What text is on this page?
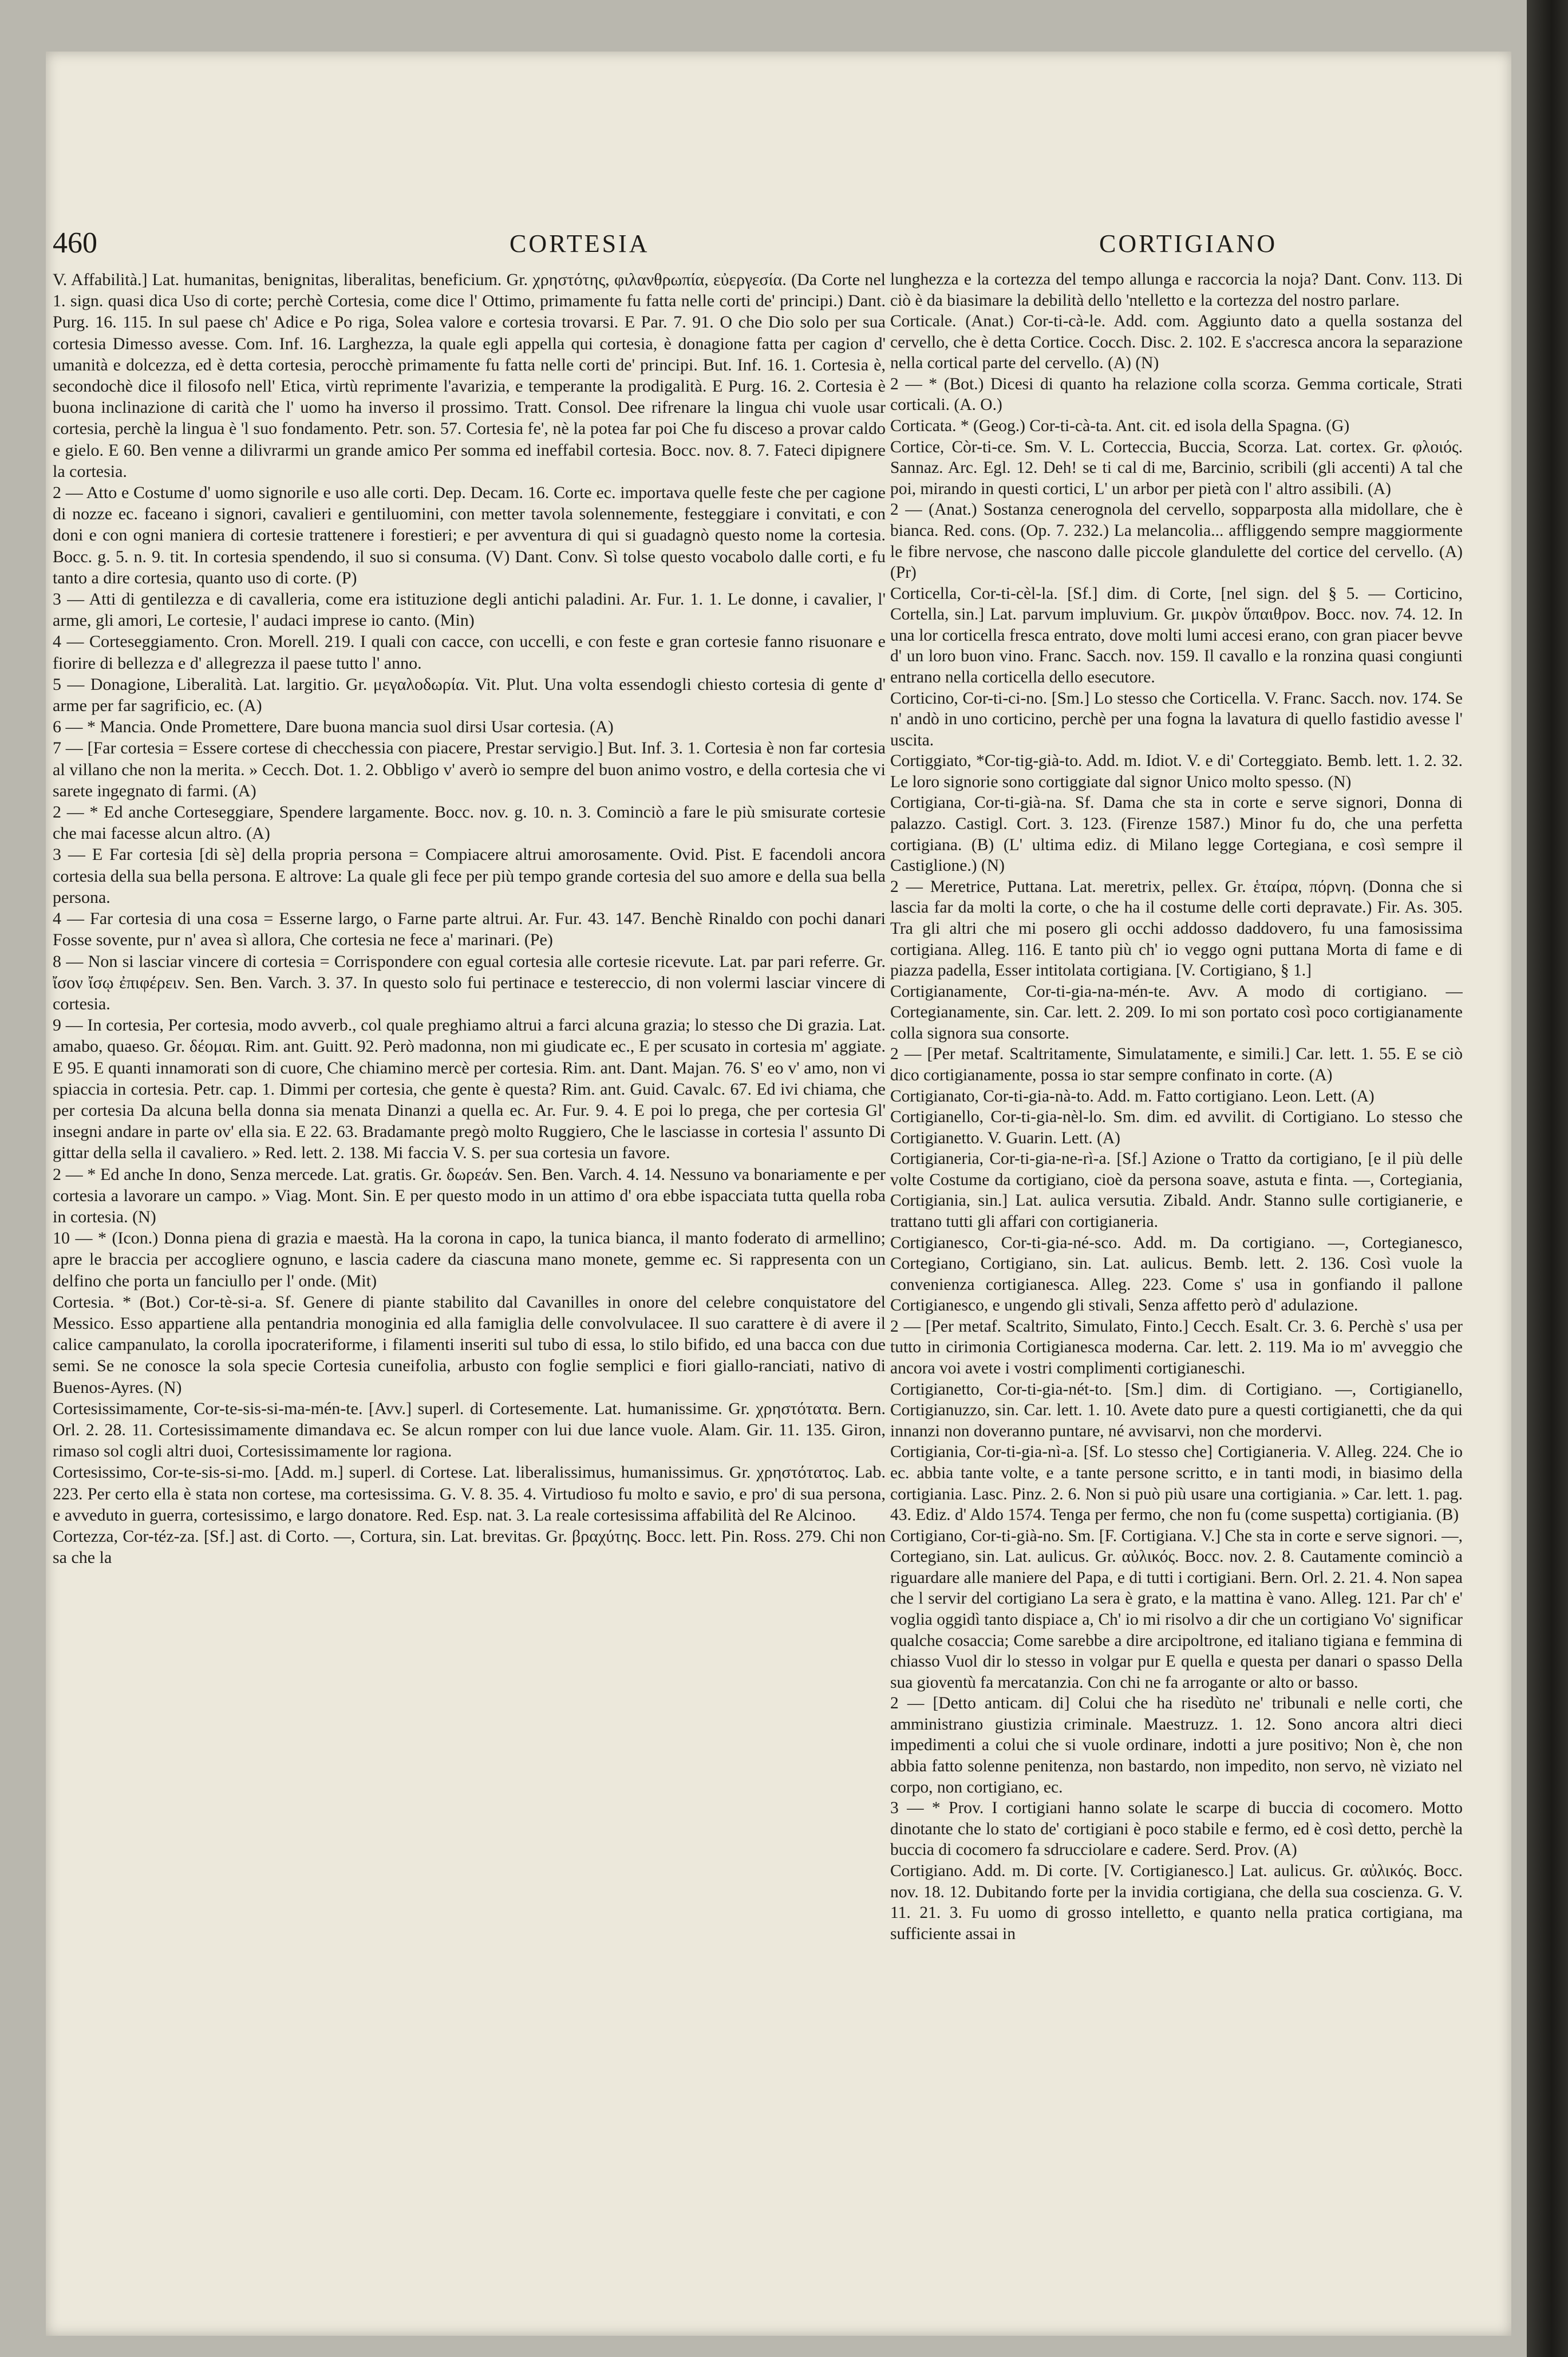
460	CORTESIA	CORTIGIANO

V. Affabilità.] Lat. humanitas, benignitas, liberalitas, beneficium. Gr. χρηστότης, φιλανθρωπία, εὐεργεσία. (Da Corte nel 1. sign. quasi dica Uso di corte; perchè Cortesia, come dice l' Ottimo, primamente fu fatta nelle corti de' principi.) Dant. Purg. 16. 115. In sul paese ch' Adice e Po riga, Solea valore e cortesia trovarsi. E Par. 7. 91. O che Dio solo per sua cortesia Dimesso avesse. Com. Inf. 16. Larghezza, la quale egli appella qui cortesia, è donagione fatta per cagion d' umanità e dolcezza, ed è detta cortesia, perocchè primamente fu fatta nelle corti de' principi. But. Inf. 16. 1. Cortesia è, secondochè dice il filosofo nell' Etica, virtù reprimente l'avarizia, e temperante la prodigalità. E Purg. 16. 2. Cortesia è buona inclinazione di carità che l' uomo ha inverso il prossimo. Tratt. Consol. Dee rifrenare la lingua chi vuole usar cortesia, perchè la lingua è 'l suo fondamento. Petr. son. 57. Cortesia fe', nè la potea far poi Che fu disceso a provar caldo e gielo. E 60. Ben venne a dilivrarmi un grande amico Per somma ed ineffabil cortesia. Bocc. nov. 8. 7. Fateci dipignere la cortesia.

2 — Atto e Costume d' uomo signorile e uso alle corti. Dep. Decam. 16. Corte ec. importava quelle feste che per cagione di nozze ec. faceano i signori, cavalieri e gentiluomini, con metter tavola solennemente, festeggiare i convitati, e con doni e con ogni maniera di cortesie trattenere i forestieri; e per avventura di qui si guadagnò questo nome la cortesia. Bocc. g. 5. n. 9. tit. In cortesia spendendo, il suo si consuma. (V) Dant. Conv. Sì tolse questo vocabolo dalle corti, e fu tanto a dire cortesia, quanto uso di corte. (P)

3 — Atti di gentilezza e di cavalleria, come era istituzione degli antichi paladini. Ar. Fur. 1. 1. Le donne, i cavalier, l' arme, gli amori, Le cortesie, l' audaci imprese io canto. (Min)

4 — Corteseggiamento. Cron. Morell. 219. I quali con cacce, con uccelli, e con feste e gran cortesie fanno risuonare e fiorire di bellezza e d' allegrezza il paese tutto l' anno.

5 — Donagione, Liberalità. Lat. largitio. Gr. μεγαλοδωρία. Vit. Plut. Una volta essendogli chiesto cortesia di gente d' arme per far sagrificio, ec. (A)

6 — * Mancia. Onde Promettere, Dare buona mancia suol dirsi Usar cortesia. (A)

7 — [Far cortesia = Essere cortese di checchessia con piacere, Prestar servigio.] But. Inf. 3. 1. Cortesia è non far cortesia al villano che non la merita. » Cecch. Dot. 1. 2. Obbligo v' averò io sempre del buon animo vostro, e della cortesia che vi sarete ingegnato di farmi. (A)

2 — * Ed anche Corteseggiare, Spendere largamente. Bocc. nov. g. 10. n. 3. Cominciò a fare le più smisurate cortesie che mai facesse alcun altro. (A)

3 — E Far cortesia [di sè] della propria persona = Compiacere altrui amorosamente. Ovid. Pist. E facendoli ancora cortesia della sua bella persona. E altrove: La quale gli fece per più tempo grande cortesia del suo amore e della sua bella persona.

4 — Far cortesia di una cosa = Esserne largo, o Farne parte altrui. Ar. Fur. 43. 147. Benchè Rinaldo con pochi danari Fosse sovente, pur n' avea sì allora, Che cortesia ne fece a' marinari. (Pe)

8 — Non si lasciar vincere di cortesia = Corrispondere con egual cortesia alle cortesie ricevute. Lat. par pari referre. Gr. ἴσον ἴσῳ ἐπιφέρειν. Sen. Ben. Varch. 3. 37. In questo solo fui pertinace e testereccio, di non volermi lasciar vincere di cortesia.

9 — In cortesia, Per cortesia, modo avverb., col quale preghiamo altrui a farci alcuna grazia; lo stesso che Di grazia. Lat. amabo, quaeso. Gr. δέομαι. Rim. ant. Guitt. 92. Però madonna, non mi giudicate ec., E per scusato in cortesia m' aggiate. E 95. E quanti innamorati son di cuore, Che chiamino mercè per cortesia. Rim. ant. Dant. Majan. 76. S' eo v' amo, non vi spiaccia in cortesia. Petr. cap. 1. Dimmi per cortesia, che gente è questa? Rim. ant. Guid. Cavalc. 67. Ed ivi chiama, che per cortesia Da alcuna bella donna sia menata Dinanzi a quella ec. Ar. Fur. 9. 4. E poi lo prega, che per cortesia Gl' insegni andare in parte ov' ella sia. E 22. 63. Bradamante pregò molto Ruggiero, Che le lasciasse in cortesia l' assunto Di gittar della sella il cavaliero. » Red. lett. 2. 138. Mi faccia V. S. per sua cortesia un favore.

2 — * Ed anche In dono, Senza mercede. Lat. gratis. Gr. δωρεάν. Sen. Ben. Varch. 4. 14. Nessuno va bonariamente e per cortesia a lavorare un campo. » Viag. Mont. Sin. E per questo modo in un attimo d' ora ebbe ispacciata tutta quella roba in cortesia. (N)

10 — * (Icon.) Donna piena di grazia e maestà. Ha la corona in capo, la tunica bianca, il manto foderato di armellino; apre le braccia per accogliere ognuno, e lascia cadere da ciascuna mano monete, gemme ec. Si rappresenta con un delfino che porta un fanciullo per l' onde. (Mit)

Cortesia. * (Bot.) Cor-tè-si-a. Sf. Genere di piante stabilito dal Cavanilles in onore del celebre conquistatore del Messico. Esso appartiene alla pentandria monoginia ed alla famiglia delle convolvulacee. Il suo carattere è di avere il calice campanulato, la corolla ipocrateriforme, i filamenti inseriti sul tubo di essa, lo stilo bifido, ed una bacca con due semi. Se ne conosce la sola specie Cortesia cuneifolia, arbusto con foglie semplici e fiori giallo-ranciati, nativo di Buenos-Ayres. (N)

Cortesissimamente, Cor-te-sis-si-ma-mén-te. [Avv.] superl. di Cortesemente. Lat. humanissime. Gr. χρηστότατα. Bern. Orl. 2. 28. 11. Cortesissimamente dimandava ec. Se alcun romper con lui due lance vuole. Alam. Gir. 11. 135. Giron, rimaso sol cogli altri duoi, Cortesissimamente lor ragiona.

Cortesissimo, Cor-te-sis-si-mo. [Add. m.] superl. di Cortese. Lat. liberalissimus, humanissimus. Gr. χρηστότατος. Lab. 223. Per certo ella è stata non cortese, ma cortesissima. G. V. 8. 35. 4. Virtudioso fu molto e savio, e pro' di sua persona, e avveduto in guerra, cortesissimo, e largo donatore. Red. Esp. nat. 3. La reale cortesissima affabilità del Re Alcinoo.

Cortezza, Cor-téz-za. [Sf.] ast. di Corto. —, Cortura, sin. Lat. brevitas. Gr. βραχύτης. Bocc. lett. Pin. Ross. 279. Chi non sa che la

lunghezza e la cortezza del tempo allunga e raccorcia la noja? Dant. Conv. 113. Di ciò è da biasimare la debilità dello 'ntelletto e la cortezza del nostro parlare.

Corticale. (Anat.) Cor-ti-cà-le. Add. com. Aggiunto dato a quella sostanza del cervello, che è detta Cortice. Cocch. Disc. 2. 102. E s'accresca ancora la separazione nella cortical parte del cervello. (A) (N)

2 — * (Bot.) Dicesi di quanto ha relazione colla scorza. Gemma corticale, Strati corticali. (A. O.)

Corticata. * (Geog.) Cor-ti-cà-ta. Ant. cit. ed isola della Spagna. (G)

Cortice, Còr-ti-ce. Sm. V. L. Corteccia, Buccia, Scorza. Lat. cortex. Gr. φλοιός. Sannaz. Arc. Egl. 12. Deh! se ti cal di me, Barcinio, scribili (gli accenti) A tal che poi, mirando in questi cortici, L' un arbor per pietà con l' altro assibili. (A)

2 — (Anat.) Sostanza cenerognola del cervello, sopparposta alla midollare, che è bianca. Red. cons. (Op. 7. 232.) La melancolia... affliggendo sempre maggiormente le fibre nervose, che nascono dalle piccole glandulette del cortice del cervello. (A) (Pr)

Corticella, Cor-ti-cèl-la. [Sf.] dim. di Corte, [nel sign. del § 5. — Corticino, Cortella, sin.] Lat. parvum impluvium. Gr. μικρὸν ὕπαιθρον. Bocc. nov. 74. 12. In una lor corticella fresca entrato, dove molti lumi accesi erano, con gran piacer bevve d' un loro buon vino. Franc. Sacch. nov. 159. Il cavallo e la ronzina quasi congiunti entrano nella corticella dello esecutore.

Corticino, Cor-ti-ci-no. [Sm.] Lo stesso che Corticella. V. Franc. Sacch. nov. 174. Se n' andò in uno corticino, perchè per una fogna la lavatura di quello fastidio avesse l' uscita.

Cortiggiato, *Cor-tig-già-to. Add. m. Idiot. V. e di' Corteggiato. Bemb. lett. 1. 2. 32. Le loro signorie sono cortiggiate dal signor Unico molto spesso. (N)

Cortigiana, Cor-ti-già-na. Sf. Dama che sta in corte e serve signori, Donna di palazzo. Castigl. Cort. 3. 123. (Firenze 1587.) Minor fu do, che una perfetta cortigiana. (B) (L' ultima ediz. di Milano legge Cortegiana, e così sempre il Castiglione.) (N)

2 — Meretrice, Puttana. Lat. meretrix, pellex. Gr. ἑταίρα, πόρνη. (Donna che si lascia far da molti la corte, o che ha il costume delle corti depravate.) Fir. As. 305. Tra gli altri che mi posero gli occhi addosso daddovero, fu una famosissima cortigiana. Alleg. 116. E tanto più ch' io veggo ogni puttana Morta di fame e di piazza padella, Esser intitolata cortigiana. [V. Cortigiano, § 1.]

Cortigianamente, Cor-ti-gia-na-mén-te. Avv. A modo di cortigiano. — Cortegianamente, sin. Car. lett. 2. 209. Io mi son portato così poco cortigianamente colla signora sua consorte.

2 — [Per metaf. Scaltritamente, Simulatamente, e simili.] Car. lett. 1. 55. E se ciò dico cortigianamente, possa io star sempre confinato in corte. (A)

Cortigianato, Cor-ti-gia-nà-to. Add. m. Fatto cortigiano. Leon. Lett. (A)

Cortigianello, Cor-ti-gia-nèl-lo. Sm. dim. ed avvilit. di Cortigiano. Lo stesso che Cortigianetto. V. Guarin. Lett. (A)

Cortigianeria, Cor-ti-gia-ne-rì-a. [Sf.] Azione o Tratto da cortigiano, [e il più delle volte Costume da cortigiano, cioè da persona soave, astuta e finta. —, Cortegiania, Cortigiania, sin.] Lat. aulica versutia. Zibald. Andr. Stanno sulle cortigianerie, e trattano tutti gli affari con cortigianeria.

Cortigianesco, Cor-ti-gia-né-sco. Add. m. Da cortigiano. —, Cortegianesco, Cortegiano, Cortigiano, sin. Lat. aulicus. Bemb. lett. 2. 136. Così vuole la convenienza cortigianesca. Alleg. 223. Come s' usa in gonfiando il pallone Cortigianesco, e ungendo gli stivali, Senza affetto però d' adulazione.

2 — [Per metaf. Scaltrito, Simulato, Finto.] Cecch. Esalt. Cr. 3. 6. Perchè s' usa per tutto in cirimonia Cortigianesca moderna. Car. lett. 2. 119. Ma io m' avveggio che ancora voi avete i vostri complimenti cortigianeschi.

Cortigianetto, Cor-ti-gia-nét-to. [Sm.] dim. di Cortigiano. —, Cortigianello, Cortigianuzzo, sin. Car. lett. 1. 10. Avete dato pure a questi cortigianetti, che da qui innanzi non doveranno puntare, né avvisarvi, non che mordervi.

Cortigiania, Cor-ti-gia-nì-a. [Sf. Lo stesso che] Cortigianeria. V. Alleg. 224. Che io ec. abbia tante volte, e a tante persone scritto, e in tanti modi, in biasimo della cortigiania. Lasc. Pinz. 2. 6. Non si può più usare una cortigiania. » Car. lett. 1. pag. 43. Ediz. d' Aldo 1574. Tenga per fermo, che non fu (come suspetta) cortigiania. (B)

Cortigiano, Cor-ti-già-no. Sm. [F. Cortigiana. V.] Che sta in corte e serve signori. —, Cortegiano, sin. Lat. aulicus. Gr. αὐλικός. Bocc. nov. 2. 8. Cautamente cominciò a riguardare alle maniere del Papa, e di tutti i cortigiani. Bern. Orl. 2. 21. 4. Non sapea che l servir del cortigiano La sera è grato, e la mattina è vano. Alleg. 121. Par ch' e' voglia oggidì tanto dispiace a, Ch' io mi risolvo a dir che un cortigiano Vo' significar qualche cosaccia; Come sarebbe a dire arcipoltrone, ed italiano tigiana e femmina di chiasso Vuol dir lo stesso in volgar pur E quella e questa per danari o spasso Della sua gioventù fa mercatanzia. Con chi ne fa arrogante or alto or basso.

2 — [Detto anticam. di] Colui che ha risedùto ne' tribunali e nelle corti, che amministrano giustizia criminale. Maestruzz. 1. 12. Sono ancora altri dieci impedimenti a colui che si vuole ordinare, indotti a jure positivo; Non è, che non abbia fatto solenne penitenza, non bastardo, non impedito, non servo, nè viziato nel corpo, non cortigiano, ec.

3 — * Prov. I cortigiani hanno solate le scarpe di buccia di cocomero. Motto dinotante che lo stato de' cortigiani è poco stabile e fermo, ed è così detto, perchè la buccia di cocomero fa sdrucciolare e cadere. Serd. Prov. (A)

Cortigiano. Add. m. Di corte. [V. Cortigianesco.] Lat. aulicus. Gr. αὐλικός. Bocc. nov. 18. 12. Dubitando forte per la invidia cortigiana, che della sua coscienza. G. V. 11. 21. 3. Fu uomo di grosso intelletto, e quanto nella pratica cortigiana, ma sufficiente assai in
